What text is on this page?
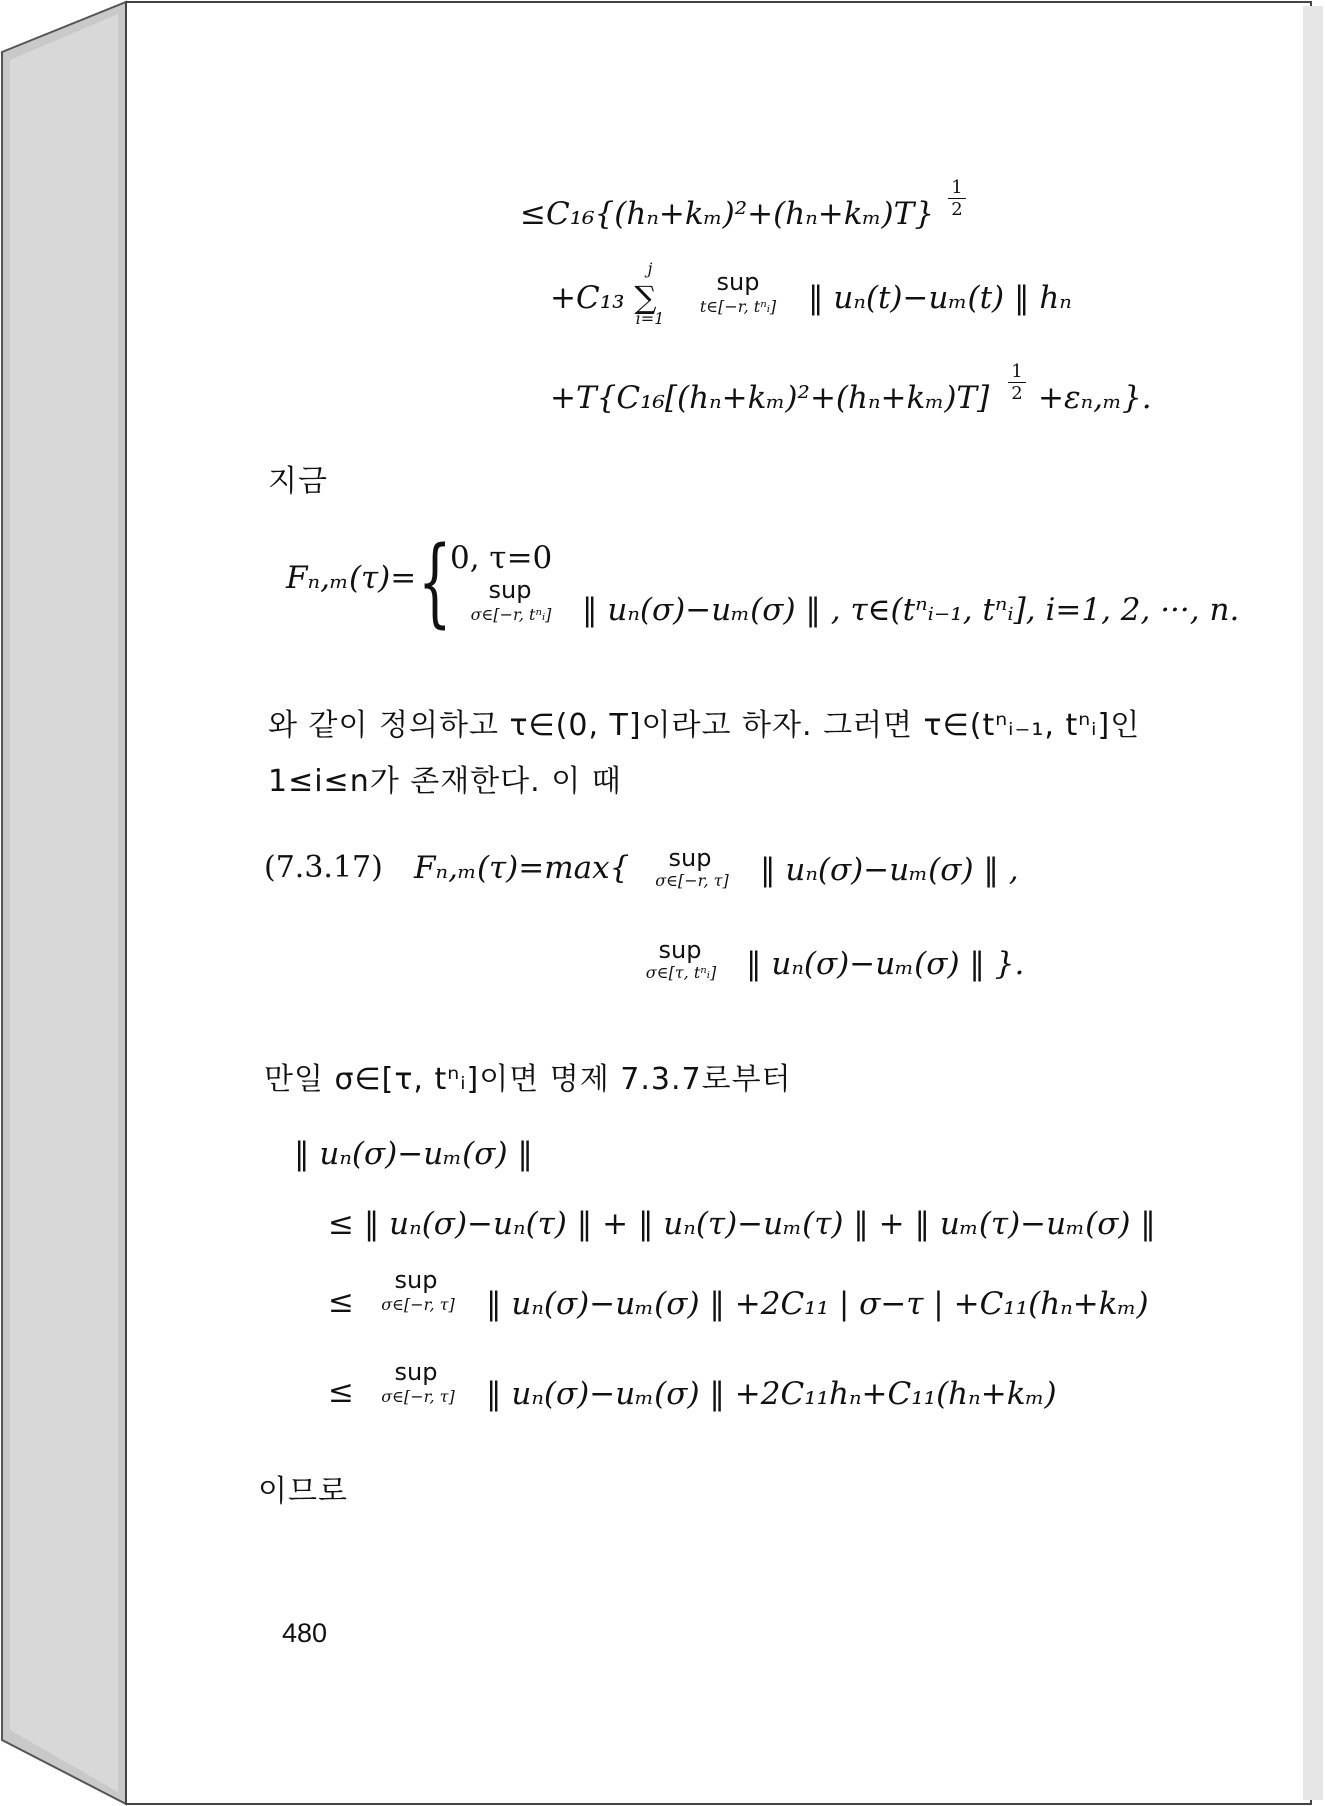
≤C₁₆{(hₙ+kₘ)²+(hₙ+kₘ)T}
1
2
+C₁₃ ∑
j
i=1
sup
t∈[−r, tⁿᵢ]	‖ uₙ(t)−uₘ(t) ‖ hₙ
+T{C₁₆[(hₙ+kₘ)²+(hₙ+kₘ)T]
1
2 +εₙ,ₘ}.
지금
Fₙ,ₘ(τ)= {
0, τ=0
sup
σ∈[−r, tⁿᵢ] ‖ uₙ(σ)−uₘ(σ) ‖ , τ∈(tⁿᵢ₋₁, tⁿᵢ], i=1, 2, ···, n.
와 같이 정의하고 τ∈(0, T]이라고 하자. 그러면 τ∈(tⁿᵢ₋₁, tⁿᵢ]인
1≤i≤n가 존재한다. 이 때
(7.3.17) Fₙ,ₘ(τ)=max{	sup
σ∈[−r, τ]	‖ uₙ(σ)−uₘ(σ) ‖ ,
sup
σ∈[τ, tⁿᵢ] ‖ uₙ(σ)−uₘ(σ) ‖ }.
만일 σ∈[τ, tⁿᵢ]이면 명제 7.3.7로부터
‖ uₙ(σ)−uₘ(σ) ‖
≤ ‖ uₙ(σ)−uₙ(τ) ‖ + ‖ uₙ(τ)−uₘ(τ) ‖ + ‖ uₘ(τ)−uₘ(σ) ‖
≤
sup
σ∈[−r, τ]	‖ uₙ(σ)−uₘ(σ) ‖ +2C₁₁ | σ−τ | +C₁₁(hₙ+kₘ)
≤
sup
σ∈[−r, τ]	‖ uₙ(σ)−uₘ(σ) ‖ +2C₁₁hₙ+C₁₁(hₙ+kₘ)
이므로
480
